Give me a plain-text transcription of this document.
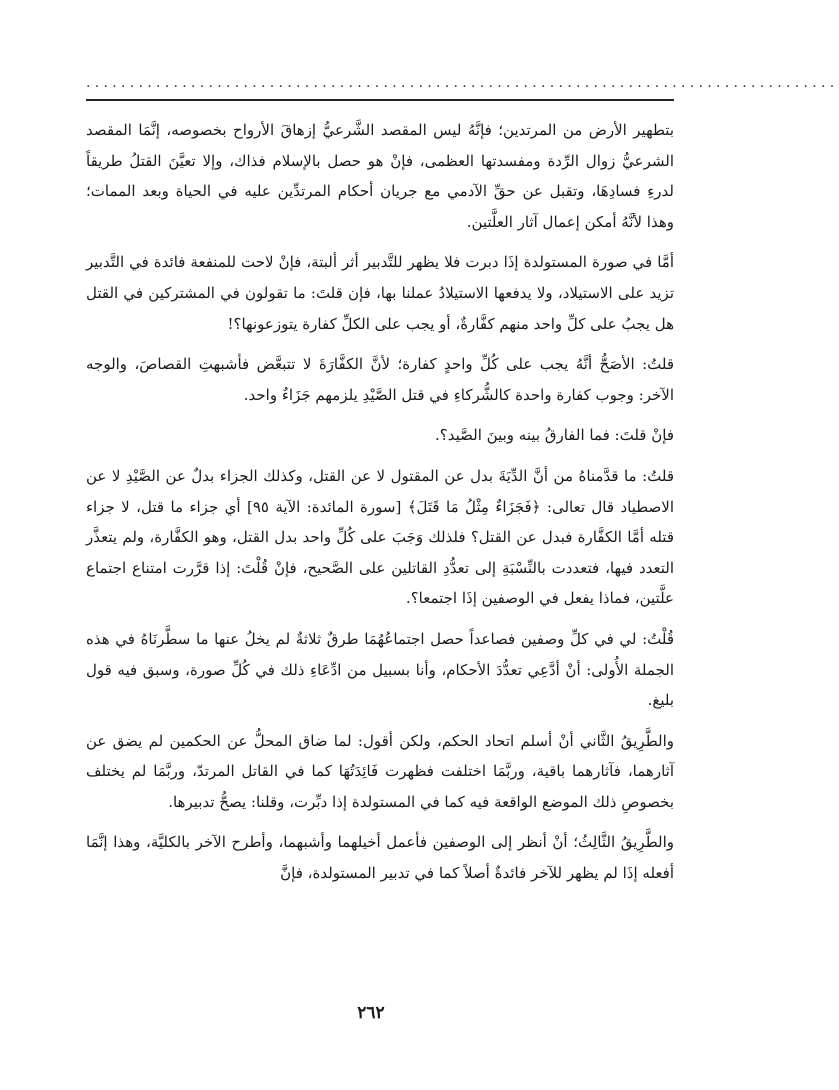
......................................................................................

بتطهير الأرض من المرتدين؛ فإنَّهُ ليس المقصد الشَّرعيُّ إزهاقَ الأرواح بخصوصه، إنَّمَا المقصد الشرعيُّ زوال الرِّدة ومفسدتها العظمى، فإنْ هو حصل بالإسلام فذاك، وإلا تعيَّنَ القتلُ طريقاً لدرءِ فسادِهَا، وتقبل عن حقِّ الآدمي مع جريان أحكام المرتدِّين عليه في الحياة وبعد الممات؛ وهذا لأنَّهُ أمكن إعمال آثار العلَّتين.

أمَّا في صورة المستولدة إذَا دبرت فلا يظهر للتَّدبير أثر ألبتة، فإنْ لاحت للمنفعة فائدة في التَّدبير تزيد على الاستيلاد، ولا يدفعها الاستيلادُ عملنا بها، فإن قلتَ: ما تقولون في المشتركين في القتل هل يجبُ على كلِّ واحد منهم كفَّارةٌ، أو يجب على الكلِّ كفارة يتوزعونها؟!

قلتُ: الأصَحُّ أنَّهُ يجب على كُلِّ واحدٍ كفارة؛ لأنَّ الكفَّارَةَ لا تتبعَّض فأشبهتِ القصاصَ، والوجه الآخر: وجوب كفارة واحدة كالشُّركاءِ في قتل الصَّيْدِ يلزمهم جَزَاءٌ واحد.

فإنْ قلتَ: فما الفارقُ بينه وبينَ الصَّيد؟.

قلتُ: ما قدَّمناهُ من أنَّ الدِّيَةَ بدل عن المقتول لا عن القتل، وكذلك الجزاء بدلٌ عن الصَّيْدِ لا عن الاصطياد قال تعالى: ﴿فَجَزَاءٌ مِثْلُ مَا قَتَلَ﴾ [سورة المائدة: الآية ٩٥] أي جزاء ما قتل، لا جزاء قتله أمَّا الكفَّارة فبدل عن القتل؟ فلذلك وَجَبَ على كُلِّ واحد بدل القتل، وهو الكفَّارة، ولم يتعذَّر التعدد فيها، فتعددت بالنِّسْبَةِ إلى تعدُّدِ القاتلين على الصَّحيح، فإنْ قُلْتَ: إذا قرَّرت امتناع اجتماع علَّتين، فماذا يفعل في الوصفين إذَا اجتمعا؟.

قُلْتُ: لي في كلِّ وصفين فصاعداً حصل اجتماعُهُمَا طرقٌ ثلاثةٌ لم يخلُ عنها ما سطَّرنَاهُ في هذه الجملة الأُولى: أنْ أدَّعِي تعدُّدَ الأحكام، وأنا بسبيل من ادِّعَاءِ ذلك في كُلِّ صورة، وسبق فيه قول بليغ.

والطَّرِيقُ الثَّاني أنْ أسلم اتحاد الحكم، ولكن أقول: لما ضاق المحلُّ عن الحكمين لم يضق عن آثارهما، فآثارهما باقية، وربَّمَا اختلفت فظهرت فَائِدَتُهَا كما في القاتل المرتدّ، وربَّمَا لم يختلف بخصوصِ ذلك الموضع الواقعة فيه كما في المستولدة إذا دبِّرت، وقلنا: يصحُّ تدبيرها.

والطَّرِيقُ الثَّالِثُ؛ أنْ أنظر إلى الوصفين فأعمل أخيلهما وأشبهما، وأطرح الآخر بالكليَّة، وهذا إنَّمَا أفعله إذَا لم يظهر للآخر فائدةٌ أصلاً كما في تدبير المستولدة، فإنَّ

٢٦٢
